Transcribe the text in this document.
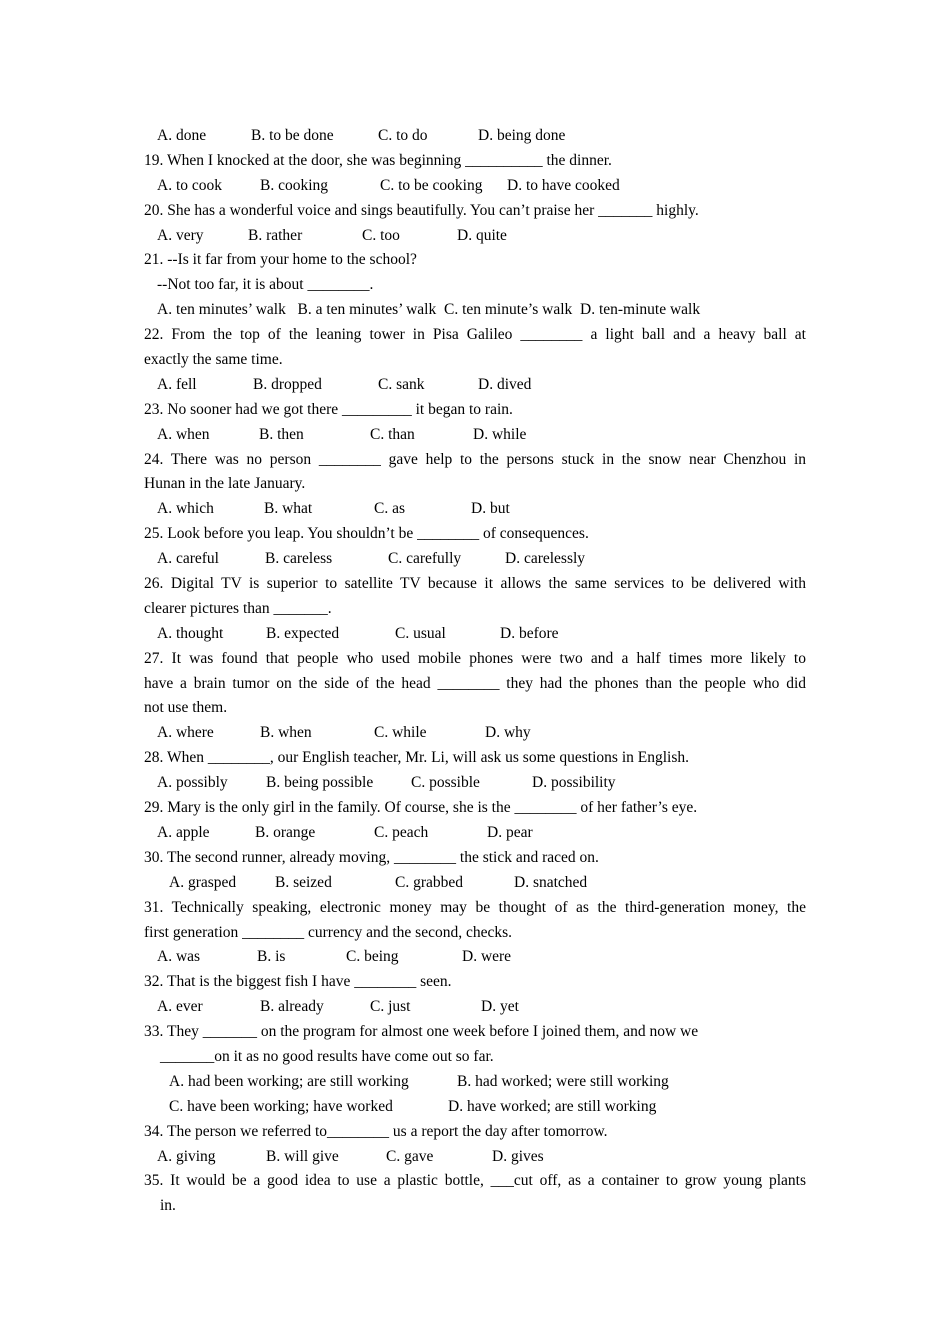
A. done	B. to be done	C. to do	D. being done
19. When I knocked at the door, she was beginning __________ the dinner.
A. to cook B. cooking	C. to be cooking D. to have cooked
20. She has a wonderful voice and sings beautifully. You can’t praise her _______ highly.
A. very	B. rather	C. too	D. quite
21. --Is it far from your home to the school?
--Not too far, it is about ________.
A. ten minutes’ walk   B. a ten minutes’ walk  C. ten minute’s walk  D. ten-minute walk
22. From the top of the leaning tower in Pisa Galileo ________ a light ball and a heavy ball at
exactly the same time.
A. fell	B. dropped	C. sank	D. dived
23. No sooner had we got there _________ it began to rain.
A. when	B. then	C. than	D. while
24. There was no person ________ gave help to the persons stuck in the snow near Chenzhou in
Hunan in the late January.
A. which	B. what	C. as	D. but
25. Look before you leap. You shouldn’t be ________ of consequences.
A. careful	B. careless	C. carefully	D. carelessly
26. Digital TV is superior to satellite TV because it allows the same services to be delivered with
clearer pictures than _______.
A. thought	B. expected	C. usual	D. before
27. It was found that people who used mobile phones were two and a half times more likely to
have a brain tumor on the side of the head ________ they had the phones than the people who did
not use them.
A. where	B. when	C. while	D. why
28. When ________, our English teacher, Mr. Li, will ask us some questions in English.
A. possibly B. being possible C. possible	D. possibility
29. Mary is the only girl in the family. Of course, she is the ________ of her father’s eye.
A. apple	B. orange	C. peach	D. pear
30. The second runner, already moving, ________ the stick and raced on.
A. grasped	B. seized	C. grabbed	D. snatched
31. Technically speaking, electronic money may be thought of as the third-generation money, the
first generation ________ currency and the second, checks.
A. was	B. is	C. being	D. were
32. That is the biggest fish I have ________ seen.
A. ever	B. already	C. just	D. yet
33. They _______ on the program for almost one week before I joined them, and now we
_______on it as no good results have come out so far.
A. had been working; are still working	B. had worked; were still working
C. have been working; have worked	D. have worked; are still working
34. The person we referred to________ us a report the day after tomorrow.
A. giving	B. will give	C. gave	D. gives
35. It would be a good idea to use a plastic bottle, ___cut off, as a container to grow young plants
in.
